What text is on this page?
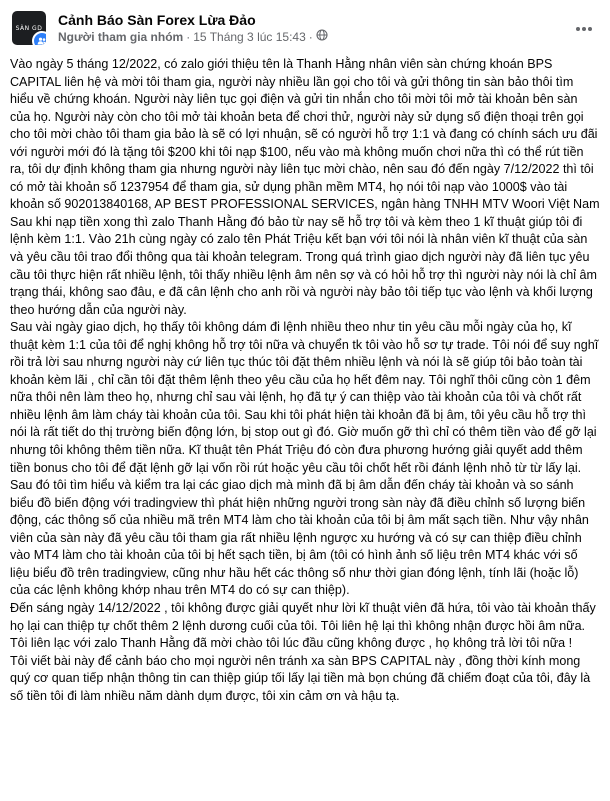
SÀN GD Cảnh Báo Sàn Forex Lừa Đảo
Người tham gia nhóm · 15 Tháng 3 lúc 15:43 ·

Vào ngày 5 tháng 12/2022, có zalo giới thiệu tên là Thanh Hằng nhân viên sàn chứng khoán BPS CAPITAL liên hệ và mời tôi tham gia, người này nhiều lần gọi cho tôi và gửi thông tin sàn bảo thôi tìm hiểu về chứng khoán. Người này liên tục gọi điện và gửi tin nhắn cho tôi mời tôi mở tài khoản bên sàn của họ. Người này còn cho tôi mở tài khoản beta để chơi thử, người này sử dụng số điện thoại trên gọi cho tôi mời chào tôi tham gia bảo là sẽ có lợi nhuận, sẽ có người hỗ trợ 1:1 và đang có chính sách ưu đãi với người mới đó là tặng tôi $200 khi tôi nạp $100, nếu vào mà không muốn chơi nữa thì có thể rút tiền ra, tôi dự định không tham gia nhưng người này liên tục mời chào, nên sau đó đến ngày 7/12/2022 thì tôi có mở tài khoản số 1237954 để tham gia, sử dụng phần mềm MT4, họ nói tôi nạp vào 1000$ vào tài khoản số 902013840168, AP BEST PROFESSIONAL SERVICES, ngân hàng TNHH MTV Woori Việt Nam

Sau khi nạp tiền xong thì zalo Thanh Hằng đó bảo từ nay sẽ hỗ trợ tôi và kèm theo 1 kĩ thuật giúp tôi đi lệnh kèm 1:1. Vào 21h cùng ngày có zalo tên Phát Triệu kết bạn với tôi nói là nhân viên kĩ thuật của sàn và yêu cầu tôi trao đổi thông qua tài khoản telegram. Trong quá trình giao dịch người này đã liên tục yêu cầu tôi thực hiện rất nhiều lệnh, tôi thấy nhiều lệnh âm nên sợ và có hỏi hỗ trợ thì người này nói là chỉ âm trạng thái, không sao đâu, e đã cân lệnh cho anh rồi và người này bảo tôi tiếp tục vào lệnh và khối lượng theo hướng dẫn của người này.

Sau vài ngày giao dịch, họ thấy tôi không dám đi lệnh nhiều theo như tin yêu cầu mỗi ngày của họ, kĩ thuật kèm 1:1 của tôi để nghị không hỗ trợ tôi nữa và chuyển tk tôi vào hỗ sơ tự trade. Tôi nói để suy nghĩ rồi trả lời sau nhưng người này cứ liên tục thúc tôi đặt thêm nhiều lệnh và nói là sẽ giúp tôi bảo toàn tài khoản kèm lãi , chỉ cần tôi đặt thêm lệnh theo yêu cầu của họ hết đêm nay. Tôi nghĩ thôi cũng còn 1 đêm nữa thôi nên làm theo họ, nhưng chỉ sau vài lệnh, họ đã tự ý can thiệp vào tài khoản của tôi và chốt rất nhiều lệnh âm làm cháy tài khoản của tôi. Sau khi tôi phát hiện tài khoản đã bị âm, tôi yêu cầu hỗ trợ thì nói là rất tiết do thị trường biến động lớn, bị stop out gì đó. Giờ muốn gỡ thì chỉ có thêm tiền vào để gỡ lại nhưng tôi không thêm tiền nữa. Kĩ thuật tên Phát Triệu đó còn đưa phương hướng giải quyết add thêm tiền bonus cho tôi để đặt lệnh gỡ lại vốn rồi rút hoặc yêu cầu tôi chốt hết rồi đánh lệnh nhỏ từ từ lấy lại.

Sau đó tôi tìm hiểu và kiểm tra lại các giao dịch mà mình đã bị âm dẫn đến cháy tài khoản và so sánh biểu đồ biến động với tradingview thì phát hiện những người trong sàn này đã điều chỉnh số lượng biến động, các thông số của nhiều mã trên MT4 làm cho tài khoản của tôi bị âm mất sạch tiền. Như vậy nhân viên của sàn này đã yêu cầu tôi tham gia rất nhiều lệnh ngược xu hướng và có sự can thiệp điều chỉnh vào MT4 làm cho tài khoản của tôi bị hết sạch tiền, bị âm (tôi có hình ảnh số liệu trên MT4 khác với số liệu biểu đồ trên tradingview, cũng như hầu hết các thông số như thời gian đóng lệnh, tính lãi (hoặc lỗ) của các lệnh không khớp nhau trên MT4 do có sự can thiệp).

Đến sáng ngày 14/12/2022 , tôi không được giải quyết như lời kĩ thuật viên đã hứa, tôi vào tài khoản thấy họ lại can thiệp tự chốt thêm 2 lệnh dương cuối của tôi. Tôi liên hệ lại thì không nhận được hồi âm nữa. Tôi liên lạc với zalo Thanh Hằng đã mời chào tôi lúc đầu cũng không được , họ không trả lời tôi nữa !

Tôi viết bài này để cảnh báo cho mọi người nên tránh xa sàn BPS CAPITAL này , đồng thời kính mong quý cơ quan tiếp nhận thông tin can thiệp giúp tối lấy lại tiền mà bọn chúng đã chiếm đoạt của tôi, đây là số tiền tôi đi làm nhiều năm dành dụm được, tôi xin cảm ơn và hậu tạ.
